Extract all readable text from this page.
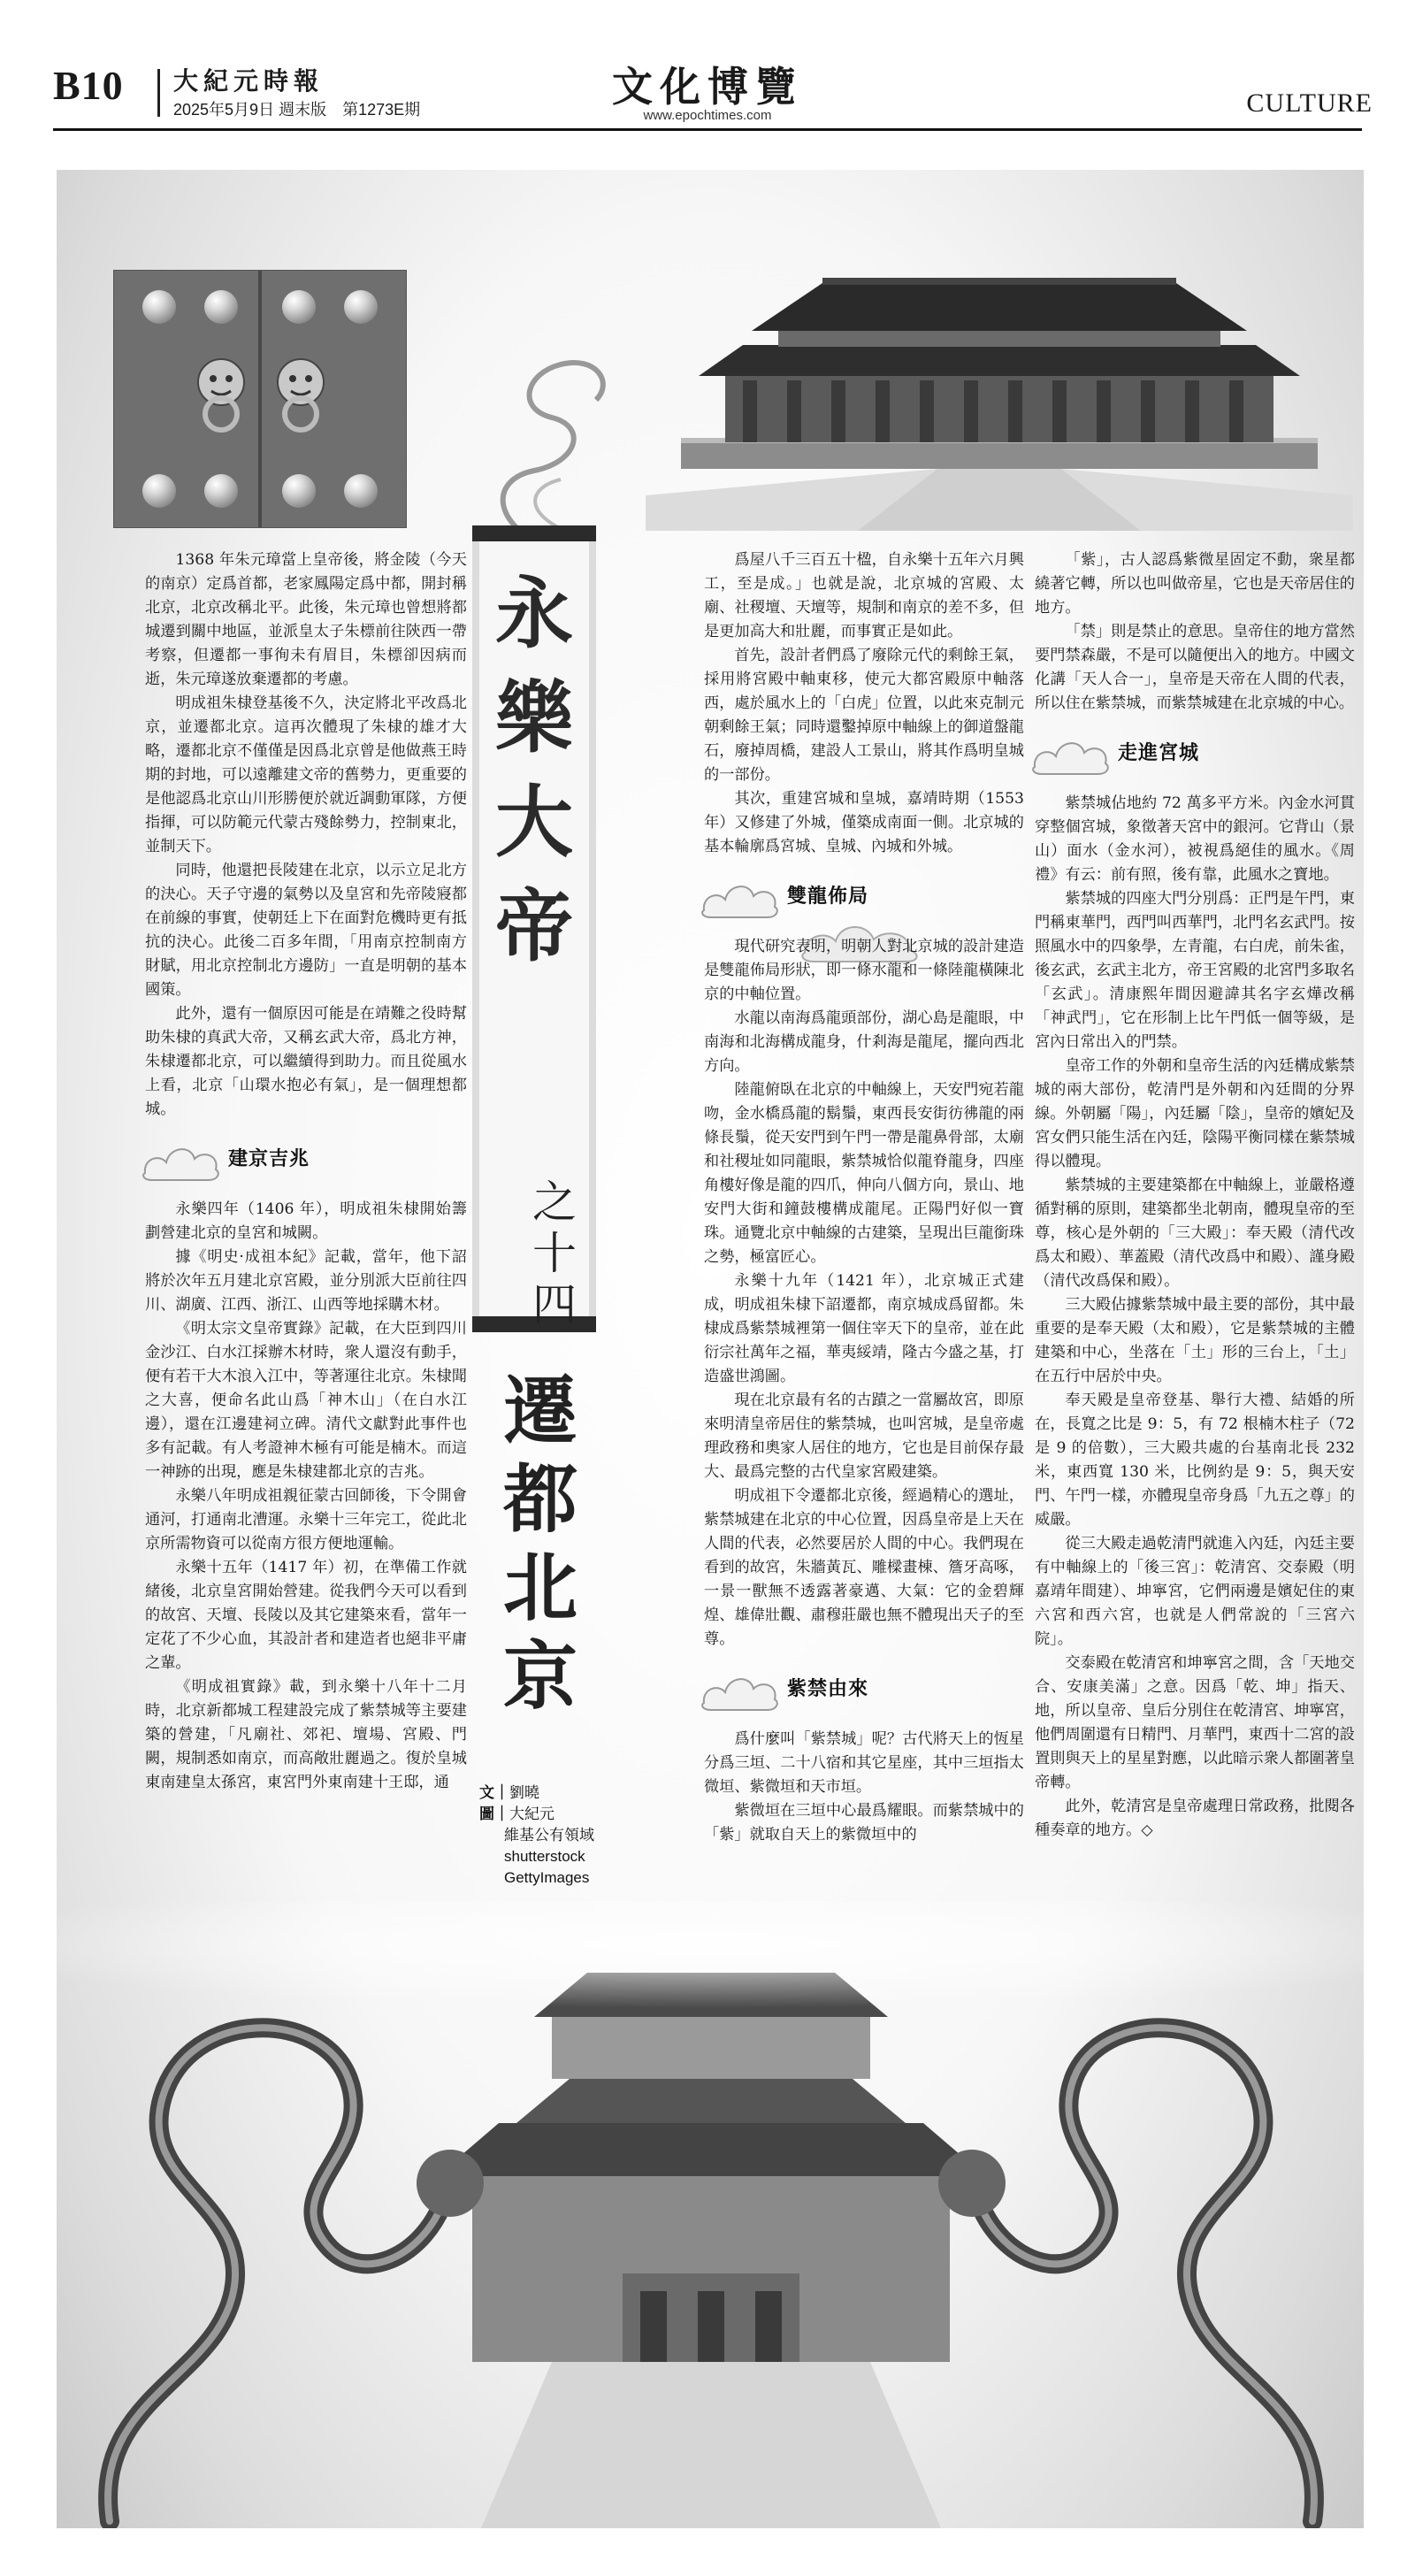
B10 大紀元時報
2025年5月9日 週末版　第1273E期	文化博覽
www.epochtimes.com	CULTURE
永樂大帝
之十四
遷都北京
文｜劉曉
圖｜大紀元
維基公有領域
shutterstock
GettyImages

1368 年朱元璋當上皇帝後，將金陵（今天的南京）定爲首都，老家鳳陽定爲中都，開封稱北京，北京改稱北平。此後，朱元璋也曾想將都城遷到關中地區，並派皇太子朱標前往陝西一帶考察，但遷都一事徇未有眉目，朱標卻因病而逝，朱元璋遂放棄遷都的考慮。

明成祖朱棣登基後不久，決定將北平改爲北京，並遷都北京。這再次體現了朱棣的雄才大略，遷都北京不僅僅是因爲北京曾是他做燕王時期的封地，可以遠離建文帝的舊勢力，更重要的是他認爲北京山川形勝便於就近調動軍隊，方便指揮，可以防範元代蒙古殘餘勢力，控制東北，並制天下。

同時，他還把長陵建在北京，以示立足北方的決心。天子守邊的氣勢以及皇宮和先帝陵寢都在前線的事實，使朝廷上下在面對危機時更有抵抗的決心。此後二百多年間，「用南京控制南方財賦，用北京控制北方邊防」一直是明朝的基本國策。

此外，還有一個原因可能是在靖難之役時幫助朱棣的真武大帝，又稱玄武大帝，爲北方神，朱棣遷都北京，可以繼續得到助力。而且從風水上看，北京「山環水抱必有氣」，是一個理想都城。

建京吉兆

永樂四年（1406 年），明成祖朱棣開始籌劃營建北京的皇宮和城闕。

據《明史·成祖本紀》記載，當年，他下詔將於次年五月建北京宮殿，並分別派大臣前往四川、湖廣、江西、浙江、山西等地採購木材。

《明太宗文皇帝實錄》記載，在大臣到四川金沙江、白水江採辦木材時，衆人還沒有動手，便有若干大木浪入江中，等著運往北京。朱棣聞之大喜，便命名此山爲「神木山」（在白水江邊），還在江邊建祠立碑。清代文獻對此事件也多有記載。有人考證神木極有可能是楠木。而這一神跡的出現，應是朱棣建都北京的吉兆。

永樂八年明成祖親征蒙古回師後，下令開會通河，打通南北漕運。永樂十三年完工，從此北京所需物資可以從南方很方便地運輸。

永樂十五年（1417 年）初，在準備工作就緒後，北京皇宮開始營建。從我們今天可以看到的故宮、天壇、長陵以及其它建築來看，當年一定花了不少心血，其設計者和建造者也絕非平庸之輩。

《明成祖實錄》載，到永樂十八年十二月時，北京新都城工程建設完成了紫禁城等主要建築的營建，「凡廟社、郊祀、壇場、宮殿、門闕，規制悉如南京，而高敞壯麗過之。復於皇城東南建皇太孫宮，東宮門外東南建十王邸，通

爲屋八千三百五十楹，自永樂十五年六月興工，至是成。」也就是說，北京城的宮殿、太廟、社稷壇、天壇等，規制和南京的差不多，但是更加高大和壯麗，而事實正是如此。

首先，設計者們爲了廢除元代的剩餘王氣，採用將宮殿中軸東移，使元大都宮殿原中軸落西，處於風水上的「白虎」位置，以此來克制元朝剩餘王氣；同時還鑿掉原中軸線上的御道盤龍石，廢掉周橋，建設人工景山，將其作爲明皇城的一部份。

其次，重建宮城和皇城，嘉靖時期（1553 年）又修建了外城，僅築成南面一側。北京城的基本輪廓爲宮城、皇城、內城和外城。

雙龍佈局

現代研究表明，明朝人對北京城的設計建造是雙龍佈局形狀，即一條水龍和一條陸龍橫陳北京的中軸位置。

水龍以南海爲龍頭部份，湖心島是龍眼，中南海和北海構成龍身，什剎海是龍尾，擺向西北方向。

陸龍俯臥在北京的中軸線上，天安門宛若龍吻，金水橋爲龍的鬍鬚，東西長安街彷彿龍的兩條長鬚，從天安門到午門一帶是龍鼻骨部，太廟和社稷址如同龍眼，紫禁城恰似龍脊龍身，四座角樓好像是龍的四爪，伸向八個方向，景山、地安門大街和鐘鼓樓構成龍尾。正陽門好似一寶珠。通覽北京中軸線的古建築，呈現出巨龍銜珠之勢，極富匠心。

永樂十九年（1421 年），北京城正式建成，明成祖朱棣下詔遷都，南京城成爲留都。朱棣成爲紫禁城裡第一個住宰天下的皇帝，並在此衍宗社萬年之福，華夷綏靖，隆古今盛之基，打造盛世鴻圖。

現在北京最有名的古蹟之一當屬故宮，即原來明清皇帝居住的紫禁城，也叫宮城，是皇帝處理政務和奧家人居住的地方，它也是目前保存最大、最爲完整的古代皇家宮殿建築。

明成祖下令遷都北京後，經過精心的選址，紫禁城建在北京的中心位置，因爲皇帝是上天在人間的代表，必然要居於人間的中心。我們現在看到的故宮，朱牆黃瓦、雕樑畫棟、簷牙高啄，一景一獸無不透露著豪邁、大氣：它的金碧輝煌、雄偉壯觀、肅穆莊嚴也無不體現出天子的至尊。

紫禁由來

爲什麼叫「紫禁城」呢？古代將天上的恆星分爲三垣、二十八宿和其它星座，其中三垣指太微垣、紫微垣和天市垣。

紫微垣在三垣中心最爲耀眼。而紫禁城中的「紫」就取自天上的紫微垣中的

「紫」，古人認爲紫微星固定不動，衆星都繞著它轉，所以也叫做帝星，它也是天帝居住的地方。

「禁」則是禁止的意思。皇帝住的地方當然要門禁森嚴，不是可以隨便出入的地方。中國文化講「天人合一」，皇帝是天帝在人間的代表，所以住在紫禁城，而紫禁城建在北京城的中心。

走進宮城

紫禁城佔地約 72 萬多平方米。內金水河貫穿整個宮城，象徵著天宮中的銀河。它背山（景山）面水（金水河），被視爲絕佳的風水。《周禮》有云：前有照，後有靠，此風水之寶地。

紫禁城的四座大門分別爲：正門是午門，東門稱東華門，西門叫西華門，北門名玄武門。按照風水中的四象學，左青龍，右白虎，前朱雀，後玄武，玄武主北方，帝王宮殿的北宮門多取名「玄武」。清康熙年間因避諱其名字玄燁改稱「神武門」，它在形制上比午門低一個等級，是宮內日常出入的門禁。

皇帝工作的外朝和皇帝生活的內廷構成紫禁城的兩大部份，乾清門是外朝和內廷間的分界線。外朝屬「陽」，內廷屬「陰」，皇帝的嬪妃及宮女們只能生活在內廷，陰陽平衡同樣在紫禁城得以體現。

紫禁城的主要建築都在中軸線上，並嚴格遵循對稱的原則，建築都坐北朝南，體現皇帝的至尊，核心是外朝的「三大殿」：奉天殿（清代改爲太和殿）、華蓋殿（清代改爲中和殿）、謹身殿（清代改爲保和殿）。

三大殿佔據紫禁城中最主要的部份，其中最重要的是奉天殿（太和殿），它是紫禁城的主體建築和中心，坐落在「土」形的三台上，「土」在五行中居於中央。

奉天殿是皇帝登基、舉行大禮、結婚的所在，長寬之比是 9：5，有 72 根楠木柱子（72 是 9 的倍數），三大殿共處的台基南北長 232 米，東西寬 130 米，比例約是 9：5，與天安門、午門一樣，亦體現皇帝身爲「九五之尊」的威嚴。

從三大殿走過乾清門就進入內廷，內廷主要有中軸線上的「後三宮」：乾清宮、交泰殿（明嘉靖年間建）、坤寧宮，它們兩邊是嬪妃住的東六宮和西六宮，也就是人們常說的「三宮六院」。

交泰殿在乾清宮和坤寧宮之間，含「天地交合、安康美滿」之意。因爲「乾、坤」指天、地，所以皇帝、皇后分別住在乾清宮、坤寧宮，他們周圍還有日精門、月華門，東西十二宮的設置則與天上的星星對應，以此暗示衆人都圍著皇帝轉。

此外，乾清宮是皇帝處理日常政務，批閱各種奏章的地方。◇
